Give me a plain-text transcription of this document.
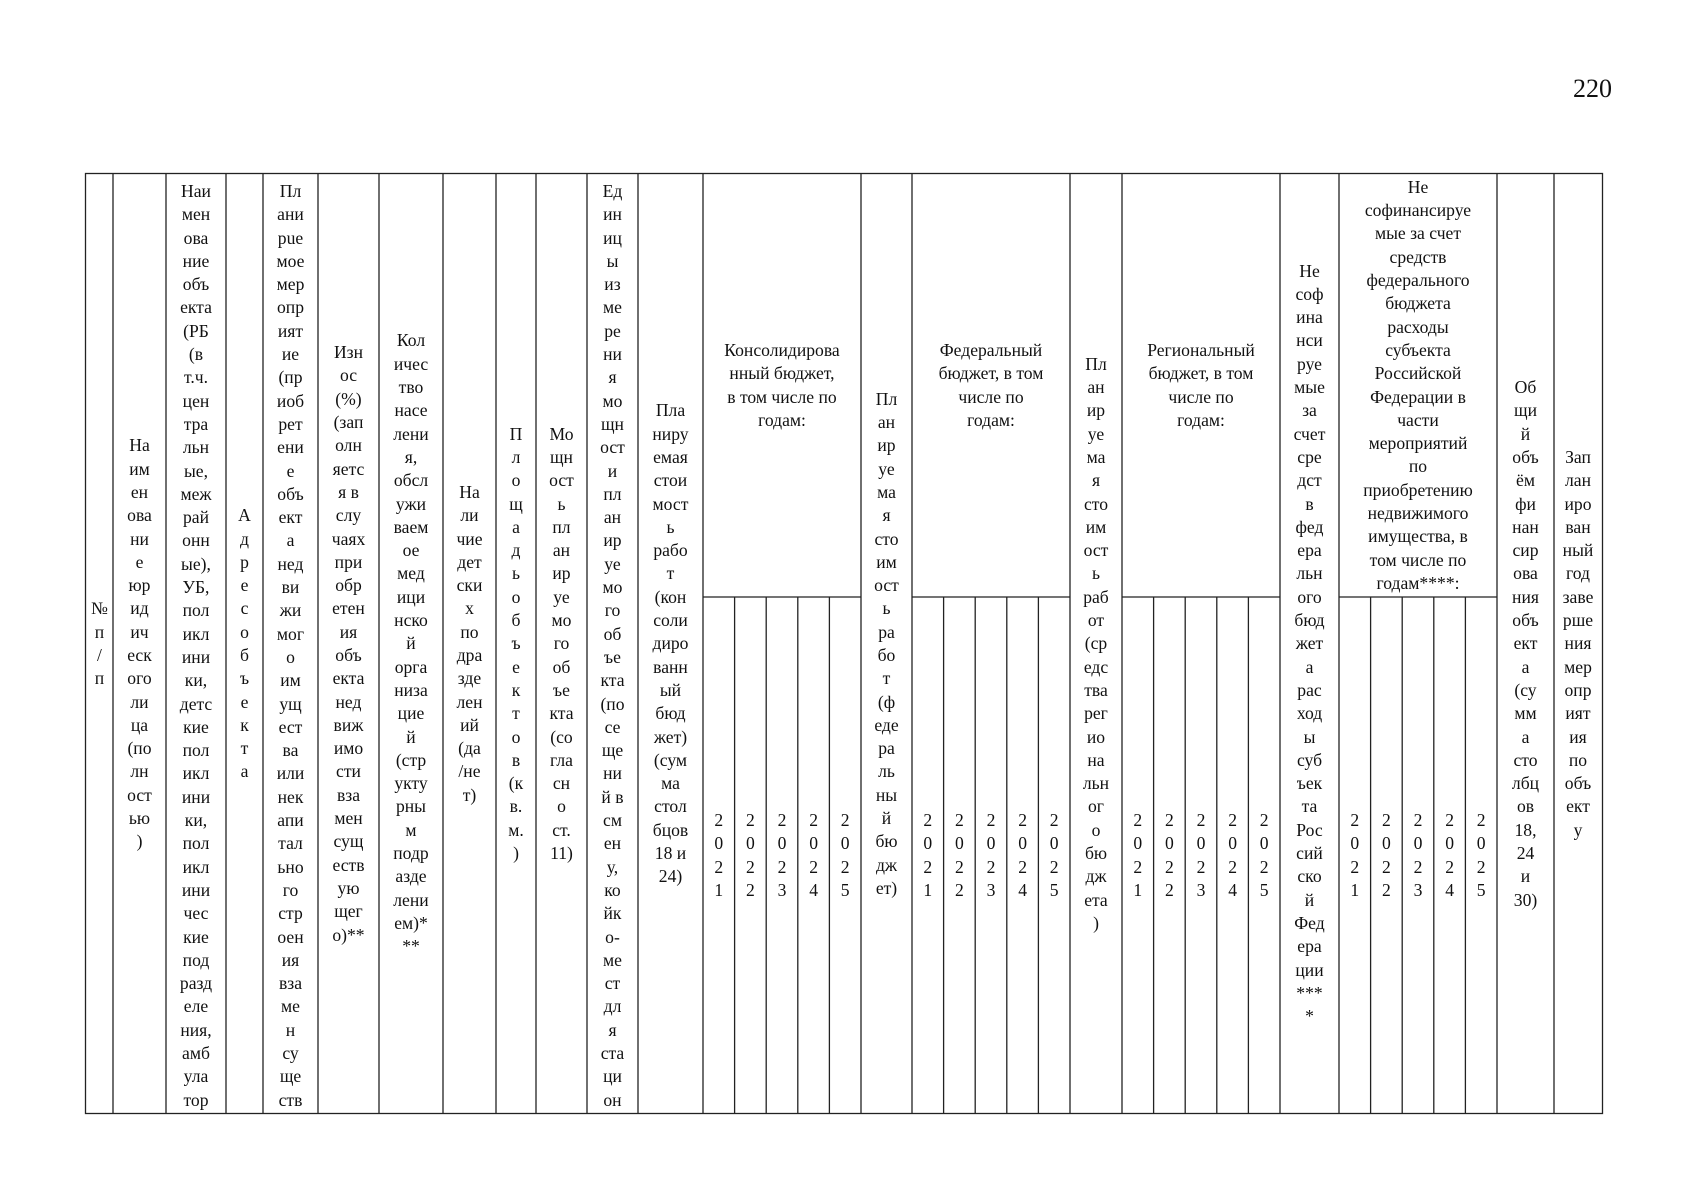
220
№
п
/
п
На
им
ен
ова
ни
е
юр
ид
ич
еск
ого
ли
ца
(по
лн
ост
ью
)
Наи
мен
ова
ние
объ
екта
(РБ
(в
т.ч.
цен
тра
льн
ые,
меж
рай
онн
ые),
УБ,
пол
икл
ини
ки,
детс
кие
пол
икл
ини
ки,
пол
икл
ини
чес
кие
под
разд
еле
ния,
амб
ула
тор
А
д
р
е
с
о
б
ъ
е
к
т
а
Пл
ани
рue
мое
мер
опр
ият
ие
(пр
иоб
рет
ени
е
объ
ект
а
нед
ви
жи
мог
о
им
ущ
ест
ва
или
нек
апи
тал
ьно
го
стр
оен
ия
вза
ме
н
су
щe
ств
Изн
ос
(%)
(зап
олн
яетс
я в
слу
чаях
при
обр
етен
ия
объ
екта
нед
виж
имо
сти
вза
мен
сущ
еств
ую
щег
о)**
Кол
ичес
тво
насе
лени
я,
обсл
ужи
ваем
ое
мед
ици
нско
й
орга
низа
цие
й
(стр
укту
рны
м
подр
азде
лени
ем)*
**
На
ли
чие
дет
ски
х
по
дра
зде
лен
ий
(да
/не
т)
П
л
о
щ
а
д
ь
о
б
ъ
е
к
т
о
в
(к
в.
м.
)
Мо
щн
ост
ь
пл
ан
ир
уе
мо
го
об
ъе
кта
(со
гла
сн
о
ст.
11)
Ед
ин
иц
ы
из
ме
ре
ни
я
мо
щн
ост
и
пл
ан
ир
уе
мо
го
об
ъе
кта
(по
се
ще
ни
й в
см
ен
у,
ко
йк
о-
ме
ст
дл
я
ста
ци
он
Пла
ниру
емая
стои
мост
ь
рабо
т
(кон
соли
диро
ванн
ый
бюд
жет)
(сум
ма
стол
бцов
18 и
24)
Консолидирова
нный бюджет,
в том числе по
годам:
2
0
2
1
2
0
2
2
2
0
2
3
2
0
2
4
2
0
2
5
Пл
ан
ир
уе
ма
я
сто
им
ост
ь
ра
бо
т
(ф
еде
ра
ль
ны
й
бю
дж
ет)
Федеральный
бюджет, в том
числе по
годам:
2
0
2
1
2
0
2
2
2
0
2
3
2
0
2
4
2
0
2
5
Пл
ан
ир
уе
ма
я
сто
им
ост
ь
раб
от
(ср
едс
тва
рег
ио
на
льн
ог
о
бю
дж
ета
)
Региональный
бюджет, в том
числе по
годам:
2
0
2
1
2
0
2
2
2
0
2
3
2
0
2
4
2
0
2
5
Не
соф
ина
нси
руе
мые
за
счет
сре
дст
в
фед
ера
льн
ого
бюд
жет
а
рас
ход
ы
суб
ъек
та
Рос
сий
ско
й
Фед
ера
ции
***
*
Не
софинансируе
мые за счет
средств
федерального
бюджета
расходы
субъекта
Российской
Федерации в
части
мероприятий
по
приобретению
недвижимого
имущества, в
том числе по
годам****:
2
0
2
1
2
0
2
2
2
0
2
3
2
0
2
4
2
0
2
5
Об
щи
й
объ
ём
фи
нан
сир
ова
ния
объ
ект
а
(су
мм
а
сто
лбц
ов
18,
24
и
30)
Зап
лан
иро
ван
ный
год
заве
рше
ния
мер
опр
ият
ия
по
объ
ект
у
